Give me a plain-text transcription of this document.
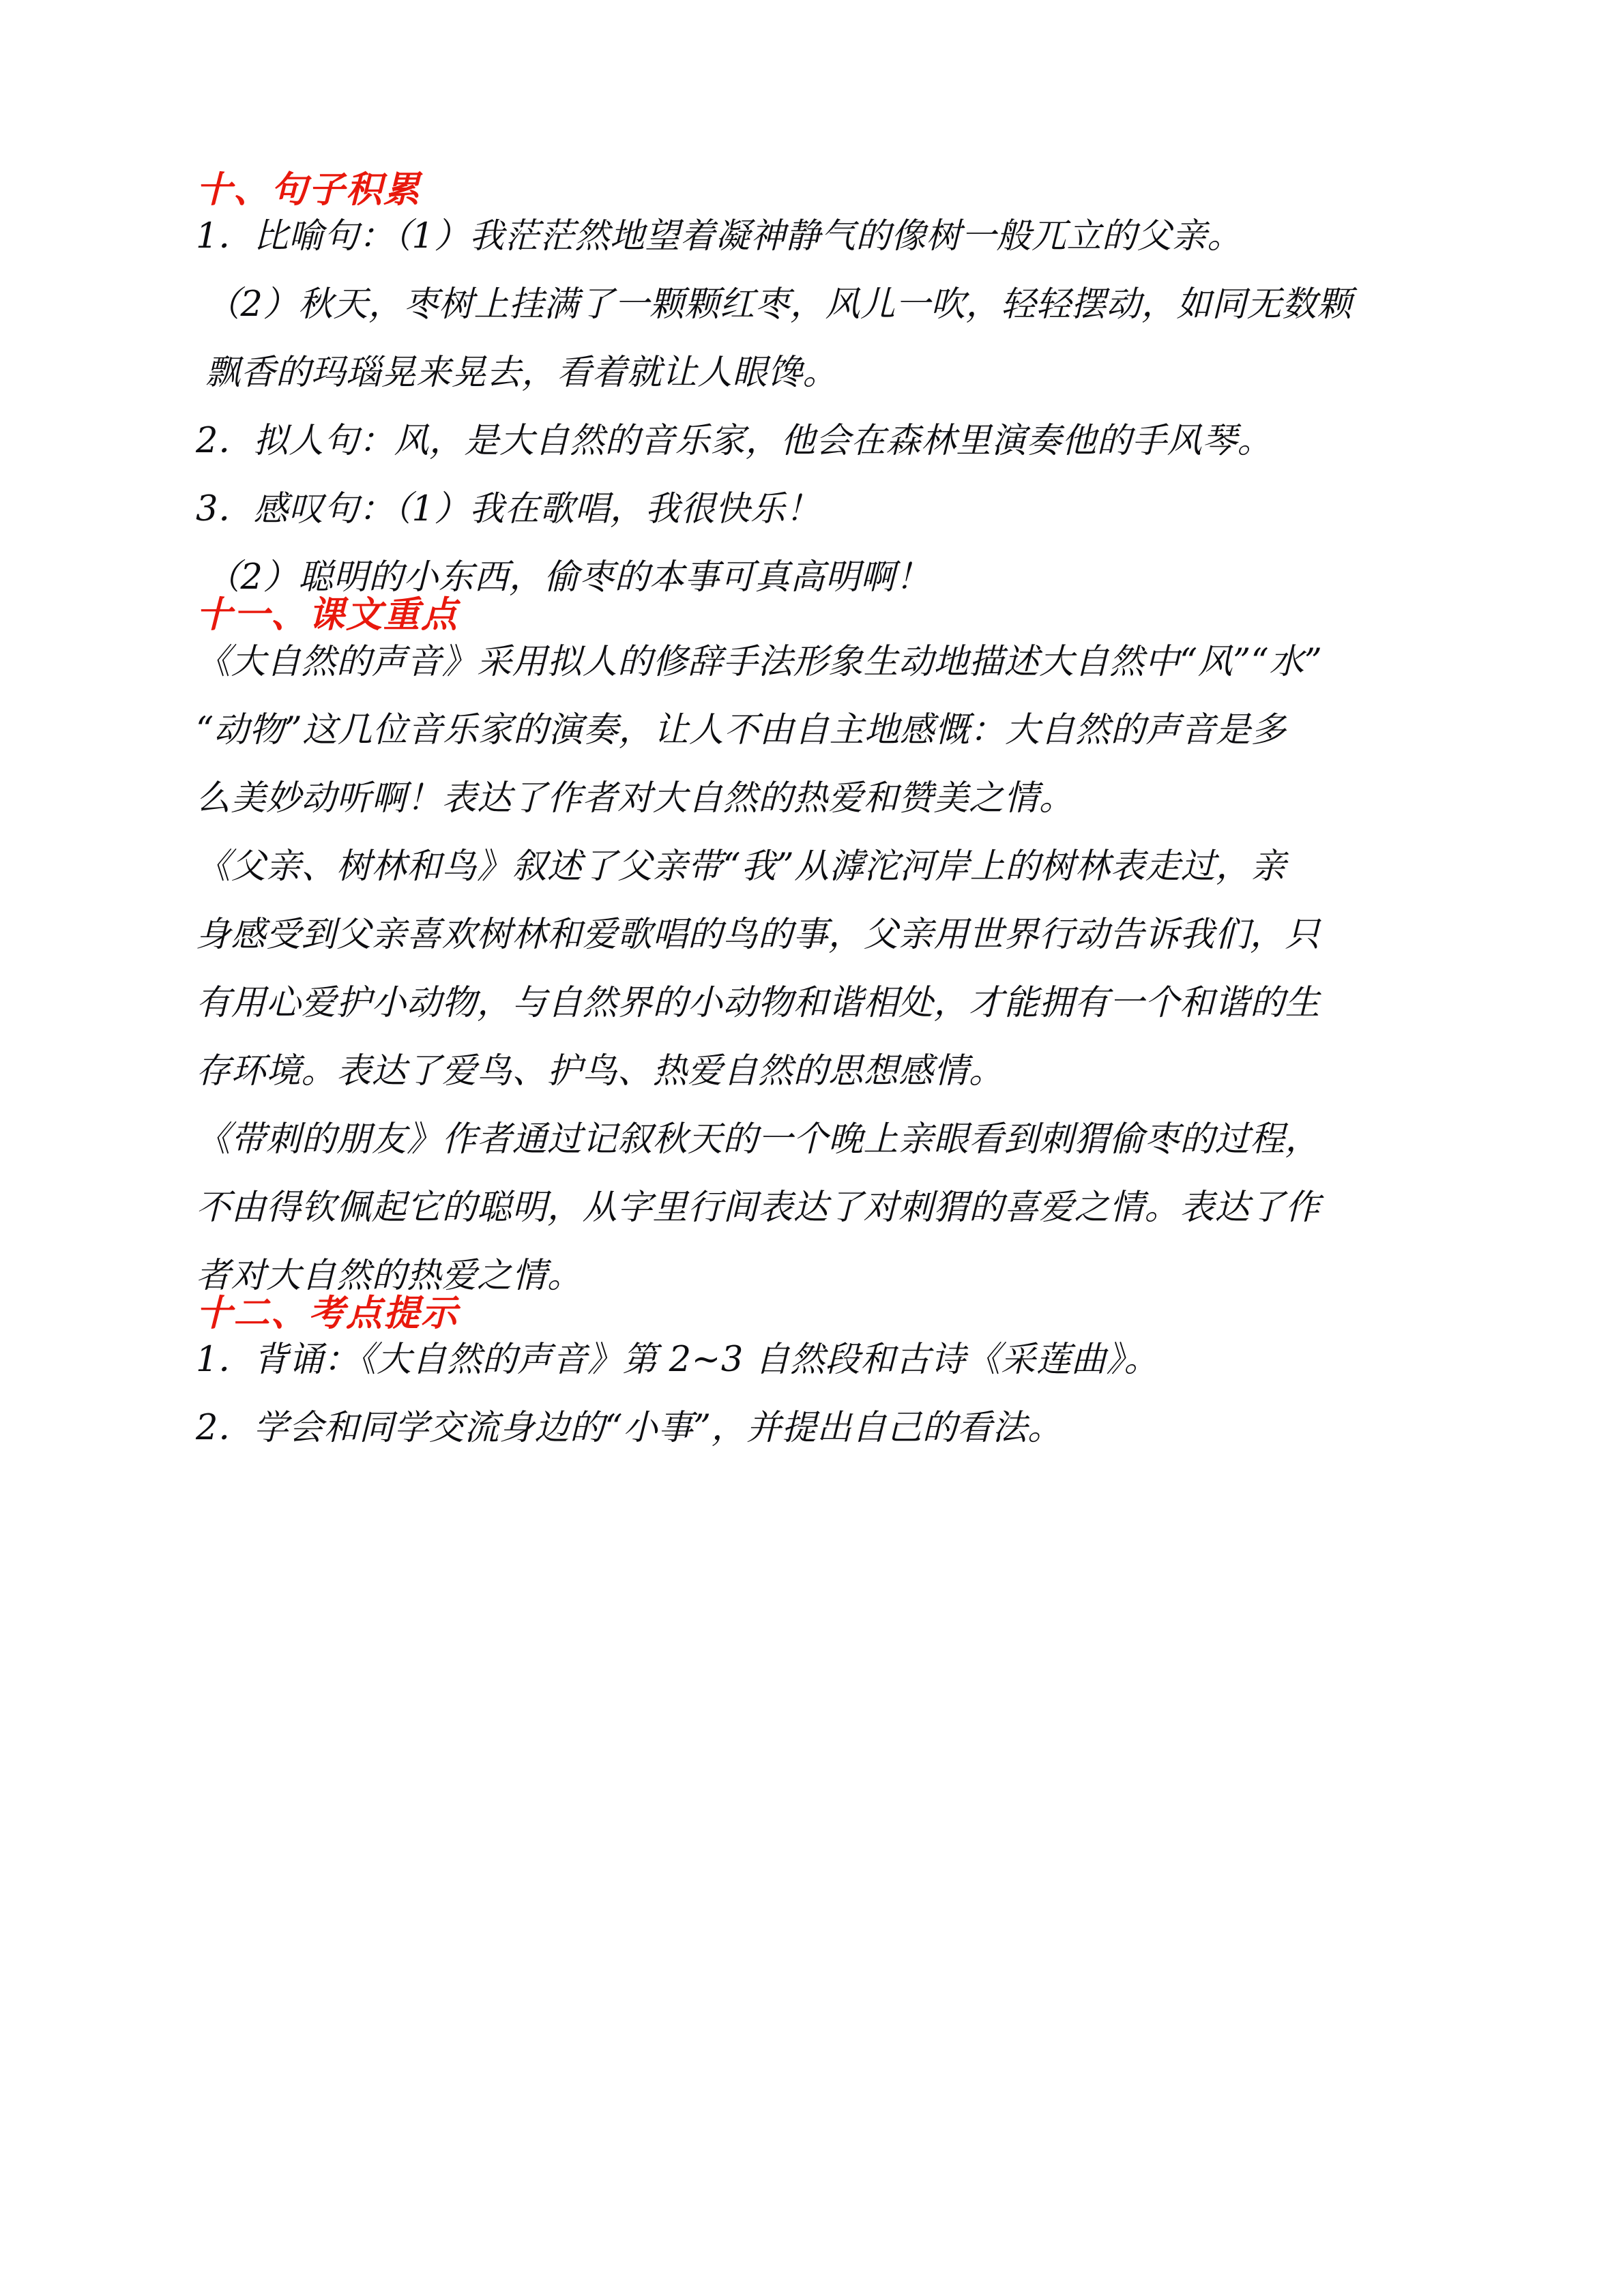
十、句子积累

1．比喻句：（1）我茫茫然地望着凝神静气的像树一般兀立的父亲。

（2）秋天，枣树上挂满了一颗颗红枣，风儿一吹，轻轻摆动，如同无数颗

飘香的玛瑙晃来晃去，看着就让人眼馋。

2．拟人句：风，是大自然的音乐家，他会在森林里演奏他的手风琴。

3．感叹句：（1）我在歌唱，我很快乐！

（2）聪明的小东西，偷枣的本事可真高明啊！

十一、课文重点

《大自然的声音》采用拟人的修辞手法形象生动地描述大自然中“风”“水”

“动物”这几位音乐家的演奏，让人不由自主地感慨：大自然的声音是多

么美妙动听啊！表达了作者对大自然的热爱和赞美之情。

《父亲、树林和鸟》叙述了父亲带“我”从滹沱河岸上的树林表走过，亲

身感受到父亲喜欢树林和爱歌唱的鸟的事，父亲用世界行动告诉我们，只

有用心爱护小动物，与自然界的小动物和谐相处，才能拥有一个和谐的生

存环境。表达了爱鸟、护鸟、热爱自然的思想感情。

《带刺的朋友》作者通过记叙秋天的一个晚上亲眼看到刺猬偷枣的过程，

不由得钦佩起它的聪明，从字里行间表达了对刺猬的喜爱之情。表达了作

者对大自然的热爱之情。

十二、考点提示

1．背诵：《大自然的声音》第 2~3 自然段和古诗《采莲曲》。

2．学会和同学交流身边的“小事”，并提出自己的看法。
